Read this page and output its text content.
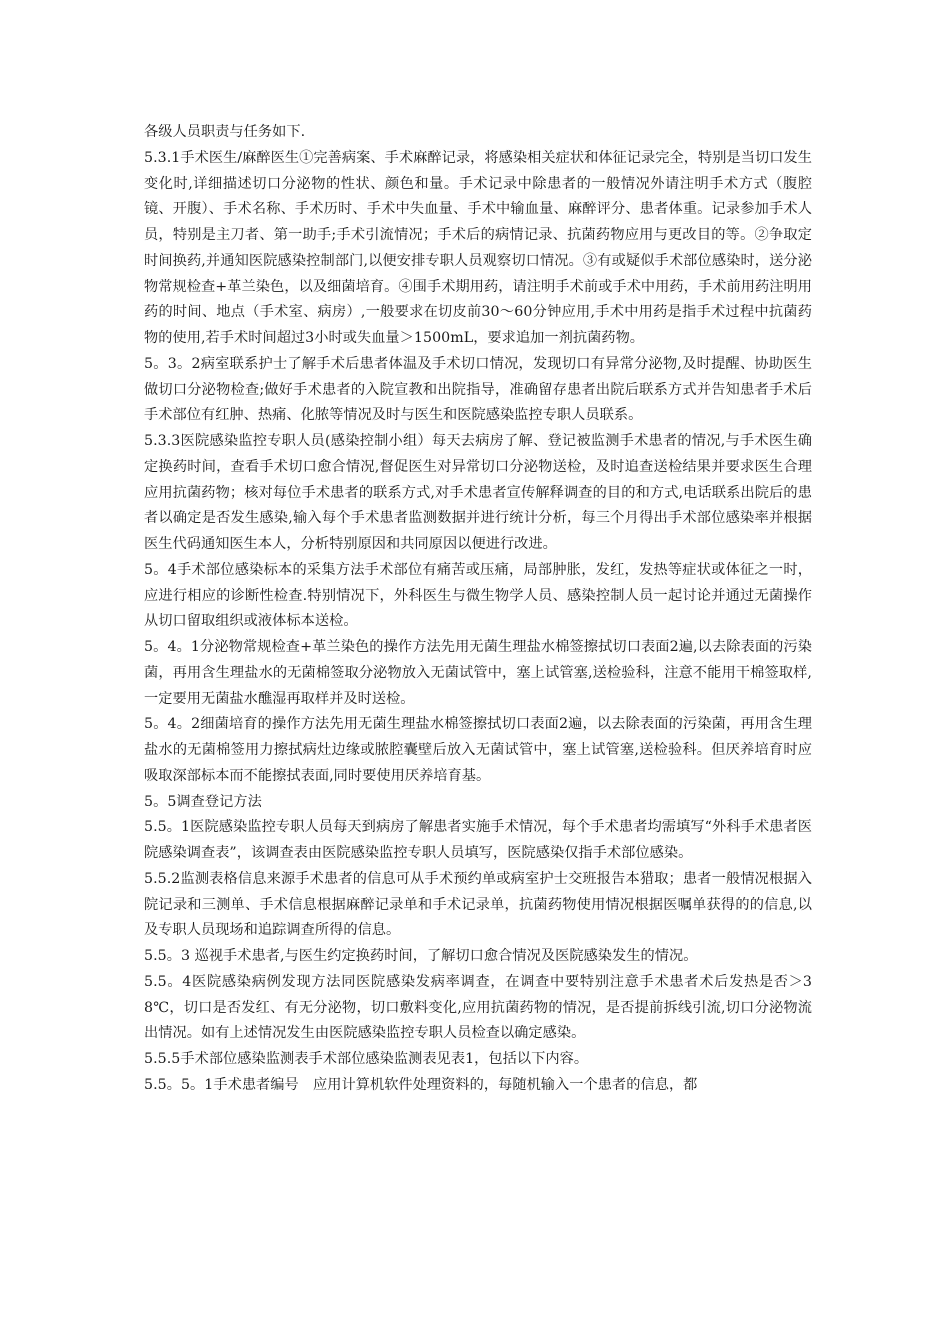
各级人员职责与任务如下.

5.3.1手术医生/麻醉医生①完善病案、手术麻醉记录，将感染相关症状和体征记录完全，特别是当切口发生变化时,详细描述切口分泌物的性状、颜色和量。手术记录中除患者的一般情况外请注明手术方式（腹腔镜、开腹）、手术名称、手术历时、手术中失血量、手术中输血量、麻醉评分、患者体重。记录参加手术人员，特别是主刀者、第一助手;手术引流情况；手术后的病情记录、抗菌药物应用与更改目的等。②争取定时间换药,并通知医院感染控制部门,以便安排专职人员观察切口情况。③有或疑似手术部位感染时，送分泌物常规检查+革兰染色，以及细菌培育。④围手术期用药，请注明手术前或手术中用药，手术前用药注明用药的时间、地点（手术室、病房）,一般要求在切皮前30～60分钟应用,手术中用药是指手术过程中抗菌药物的使用,若手术时间超过3小时或失血量＞1500mL，要求追加一剂抗菌药物。

5。3。2病室联系护士了解手术后患者体温及手术切口情况，发现切口有异常分泌物,及时提醒、协助医生做切口分泌物检查;做好手术患者的入院宣教和出院指导，准确留存患者出院后联系方式并告知患者手术后手术部位有红肿、热痛、化脓等情况及时与医生和医院感染监控专职人员联系。

5.3.3医院感染监控专职人员(感染控制小组）每天去病房了解、登记被监测手术患者的情况,与手术医生确定换药时间，查看手术切口愈合情况,督促医生对异常切口分泌物送检，及时追查送检结果并要求医生合理应用抗菌药物；核对每位手术患者的联系方式,对手术患者宣传解释调查的目的和方式,电话联系出院后的患者以确定是否发生感染,输入每个手术患者监测数据并进行统计分析，每三个月得出手术部位感染率并根据医生代码通知医生本人，分析特别原因和共同原因以便进行改进。

5。4手术部位感染标本的采集方法手术部位有痛苦或压痛，局部肿胀，发红，发热等症状或体征之一时，应进行相应的诊断性检查.特别情况下，外科医生与微生物学人员、感染控制人员一起讨论并通过无菌操作从切口留取组织或液体标本送检。

5。4。1分泌物常规检查+革兰染色的操作方法先用无菌生理盐水棉签擦拭切口表面2遍,以去除表面的污染菌，再用含生理盐水的无菌棉签取分泌物放入无菌试管中，塞上试管塞,送检验科，注意不能用干棉签取样,一定要用无菌盐水醮湿再取样并及时送检。

5。4。2细菌培育的操作方法先用无菌生理盐水棉签擦拭切口表面2遍，以去除表面的污染菌，再用含生理盐水的无菌棉签用力擦拭病灶边缘或脓腔囊壁后放入无菌试管中，塞上试管塞,送检验科。但厌养培育时应吸取深部标本而不能擦拭表面,同时要使用厌养培育基。

5。5调查登记方法

5.5。1医院感染监控专职人员每天到病房了解患者实施手术情况，每个手术患者均需填写“外科手术患者医院感染调查表”，该调查表由医院感染监控专职人员填写，医院感染仅指手术部位感染。

5.5.2监测表格信息来源手术患者的信息可从手术预约单或病室护士交班报告本猎取；患者一般情况根据入院记录和三测单、手术信息根据麻醉记录单和手术记录单，抗菌药物使用情况根据医嘱单获得的的信息,以及专职人员现场和追踪调查所得的信息。

5.5。3 巡视手术患者,与医生约定换药时间，了解切口愈合情况及医院感染发生的情况。

5.5。4医院感染病例发现方法同医院感染发病率调查，在调查中要特别注意手术患者术后发热是否＞38℃，切口是否发红、有无分泌物，切口敷料变化,应用抗菌药物的情况，是否提前拆线引流,切口分泌物流出情况。如有上述情况发生由医院感染监控专职人员检查以确定感染。

5.5.5手术部位感染监测表手术部位感染监测表见表1，包括以下内容。

5.5。5。1手术患者编号　应用计算机软件处理资料的，每随机输入一个患者的信息，都
